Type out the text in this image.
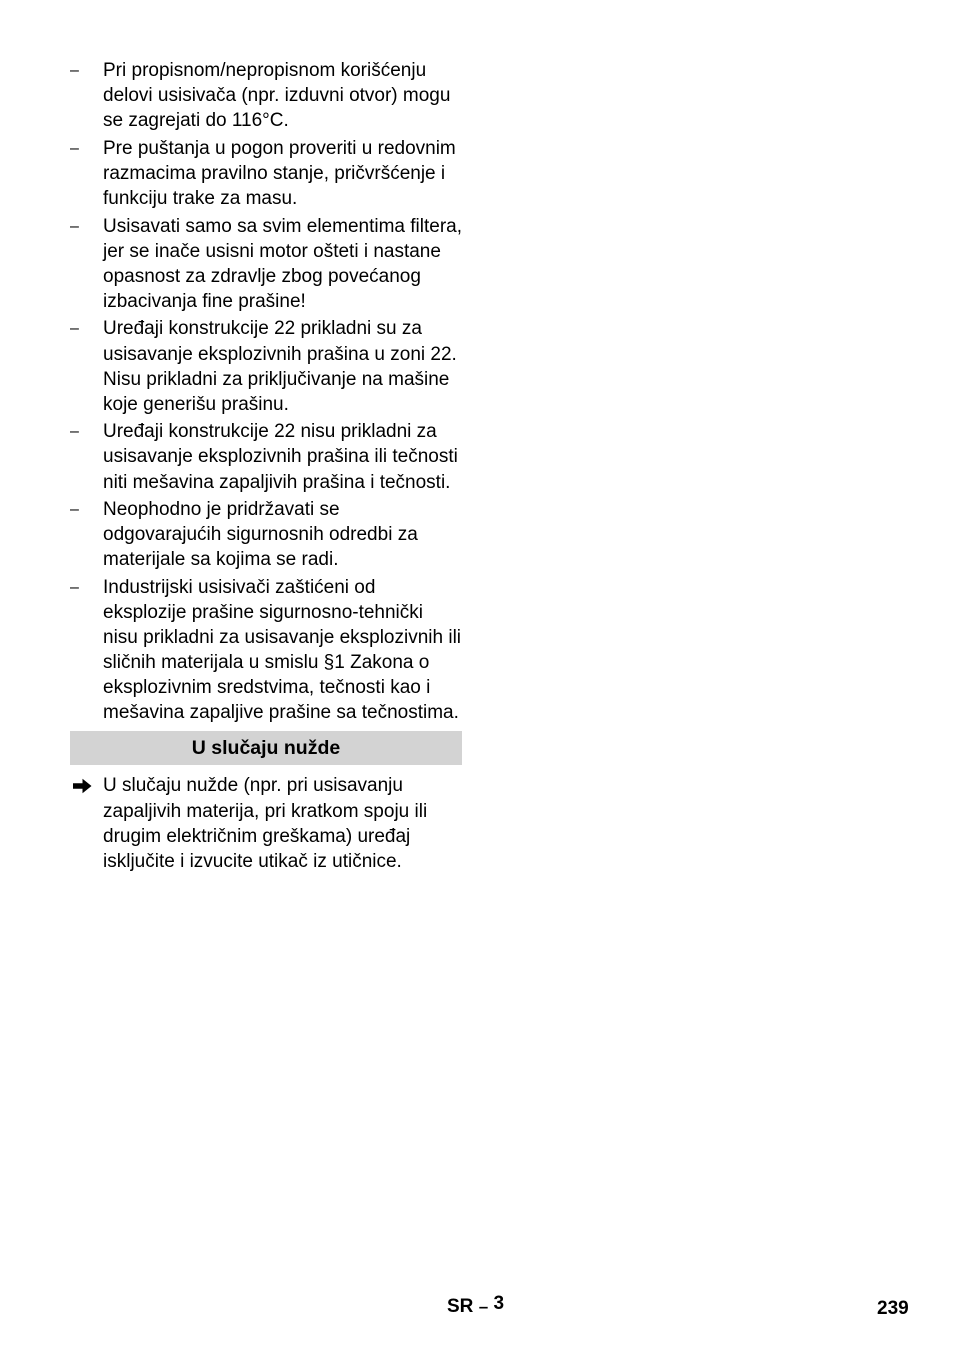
– Pri propisnom/nepropisnom korišćenju delovi usisivača (npr. izduvni otvor) mogu se zagrejati do 116°C.
– Pre puštanja u pogon proveriti u redovnim razmacima pravilno stanje, pričvršćenje i funkciju trake za masu.
– Usisavati samo sa svim elementima filtera, jer se inače usisni motor ošteti i nastane opasnost za zdravlje zbog povećanog izbacivanja fine prašine!
– Uređaji konstrukcije 22 prikladni su za usisavanje eksplozivnih prašina u zoni 22. Nisu prikladni za priključivanje na mašine koje generišu prašinu.
– Uređaji konstrukcije 22 nisu prikladni za usisavanje eksplozivnih prašina ili tečnosti niti mešavina zapaljivih prašina i tečnosti.
– Neophodno je pridržavati se odgovarajućih sigurnosnih odredbi za materijale sa kojima se radi.
– Industrijski usisivači zaštićeni od eksplozije prašine sigurnosno-tehnički nisu prikladni za usisavanje eksplozivnih ili sličnih materijala u smislu §1 Zakona o eksplozivnim sredstvima, tečnosti kao i mešavina zapaljive prašine sa tečnostima.
U slučaju nužde
U slučaju nužde (npr. pri usisavanju zapaljivih materija, pri kratkom spoju ili drugim električnim greškama) uređaj isključite i izvucite utikač iz utičnice.
SR – 3	239
